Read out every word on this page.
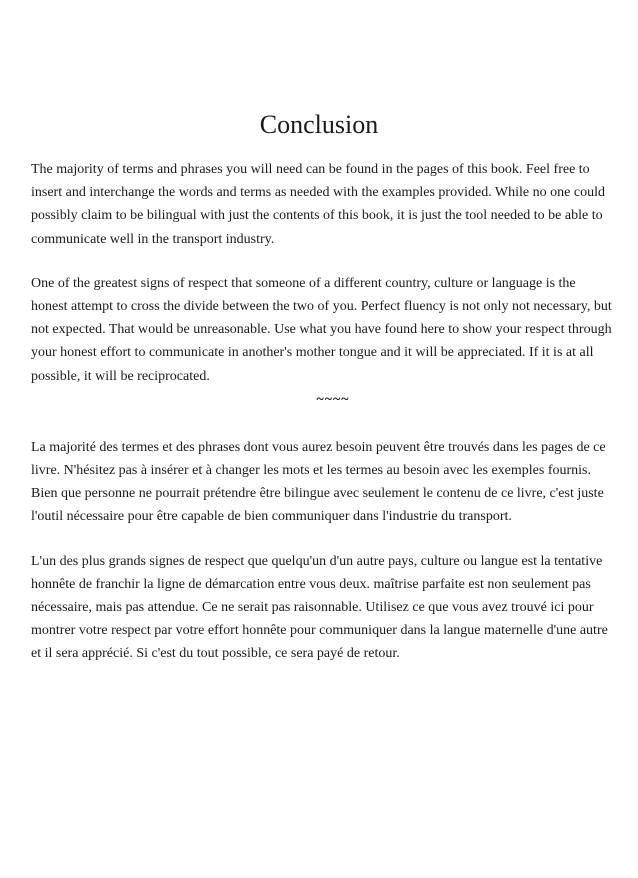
Conclusion

The majority of terms and phrases you will need can be found in the pages of this book. Feel free to insert and interchange the words and terms as needed with the examples provided. While no one could possibly claim to be bilingual with just the contents of this book, it is just the tool needed to be able to communicate well in the transport industry.

One of the greatest signs of respect that someone of a different country, culture or language is the honest attempt to cross the divide between the two of you. Perfect fluency is not only not necessary, but not expected. That would be unreasonable. Use what you have found here to show your respect through your honest effort to communicate in another's mother tongue and it will be appreciated. If it is at all possible, it will be reciprocated.

~~~~

La majorité des termes et des phrases dont vous aurez besoin peuvent être trouvés dans les pages de ce livre. N'hésitez pas à insérer et à changer les mots et les termes au besoin avec les exemples fournis. Bien que personne ne pourrait prétendre être bilingue avec seulement le contenu de ce livre, c'est juste l'outil nécessaire pour être capable de bien communiquer dans l'industrie du transport.

L'un des plus grands signes de respect que quelqu'un d'un autre pays, culture ou langue est la tentative honnête de franchir la ligne de démarcation entre vous deux. maîtrise parfaite est non seulement pas nécessaire, mais pas attendue. Ce ne serait pas raisonnable. Utilisez ce que vous avez trouvé ici pour montrer votre respect par votre effort honnête pour communiquer dans la langue maternelle d'une autre et il sera apprécié. Si c'est du tout possible, ce sera payé de retour.
